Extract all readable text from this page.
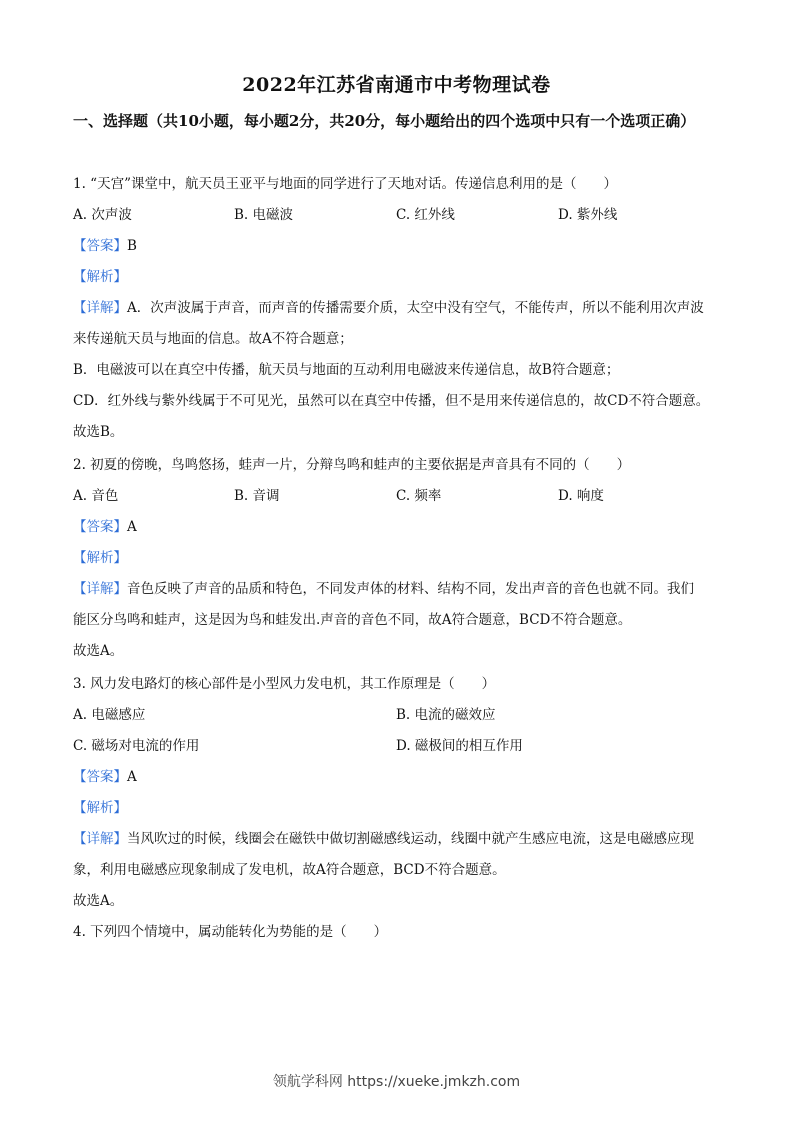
2022年江苏省南通市中考物理试卷
一、选择题（共10小题，每小题2分，共20分，每小题给出的四个选项中只有一个选项正确）
1. “天宫”课堂中，航天员王亚平与地面的同学进行了天地对话。传递信息利用的是（　　）
A. 次声波	B. 电磁波	C. 红外线	D. 紫外线
【答案】B
【解析】
【详解】A．次声波属于声音，而声音的传播需要介质，太空中没有空气，不能传声，所以不能利用次声波
来传递航天员与地面的信息。故A不符合题意；
B．电磁波可以在真空中传播，航天员与地面的互动利用电磁波来传递信息，故B符合题意；
CD．红外线与紫外线属于不可见光，虽然可以在真空中传播，但不是用来传递信息的，故CD不符合题意。
故选B。
2. 初夏的傍晚，鸟鸣悠扬，蛙声一片，分辩鸟鸣和蛙声的主要依据是声音具有不同的（　　）
A. 音色	B. 音调	C. 频率	D. 响度
【答案】A
【解析】
【详解】音色反映了声音的品质和特色，不同发声体的材料、结构不同，发出声音的音色也就不同。我们
能区分鸟鸣和蛙声，这是因为鸟和蛙发出.声音的音色不同，故A符合题意，BCD不符合题意。
故选A。
3. 风力发电路灯的核心部件是小型风力发电机，其工作原理是（　　）
A. 电磁感应	B. 电流的磁效应
C. 磁场对电流的作用	D. 磁极间的相互作用
【答案】A
【解析】
【详解】当风吹过的时候，线圈会在磁铁中做切割磁感线运动，线圈中就产生感应电流，这是电磁感应现
象，利用电磁感应现象制成了发电机，故A符合题意，BCD不符合题意。
故选A。
4. 下列四个情境中，属动能转化为势能的是（　　）
领航学科网 https://xueke.jmkzh.com
